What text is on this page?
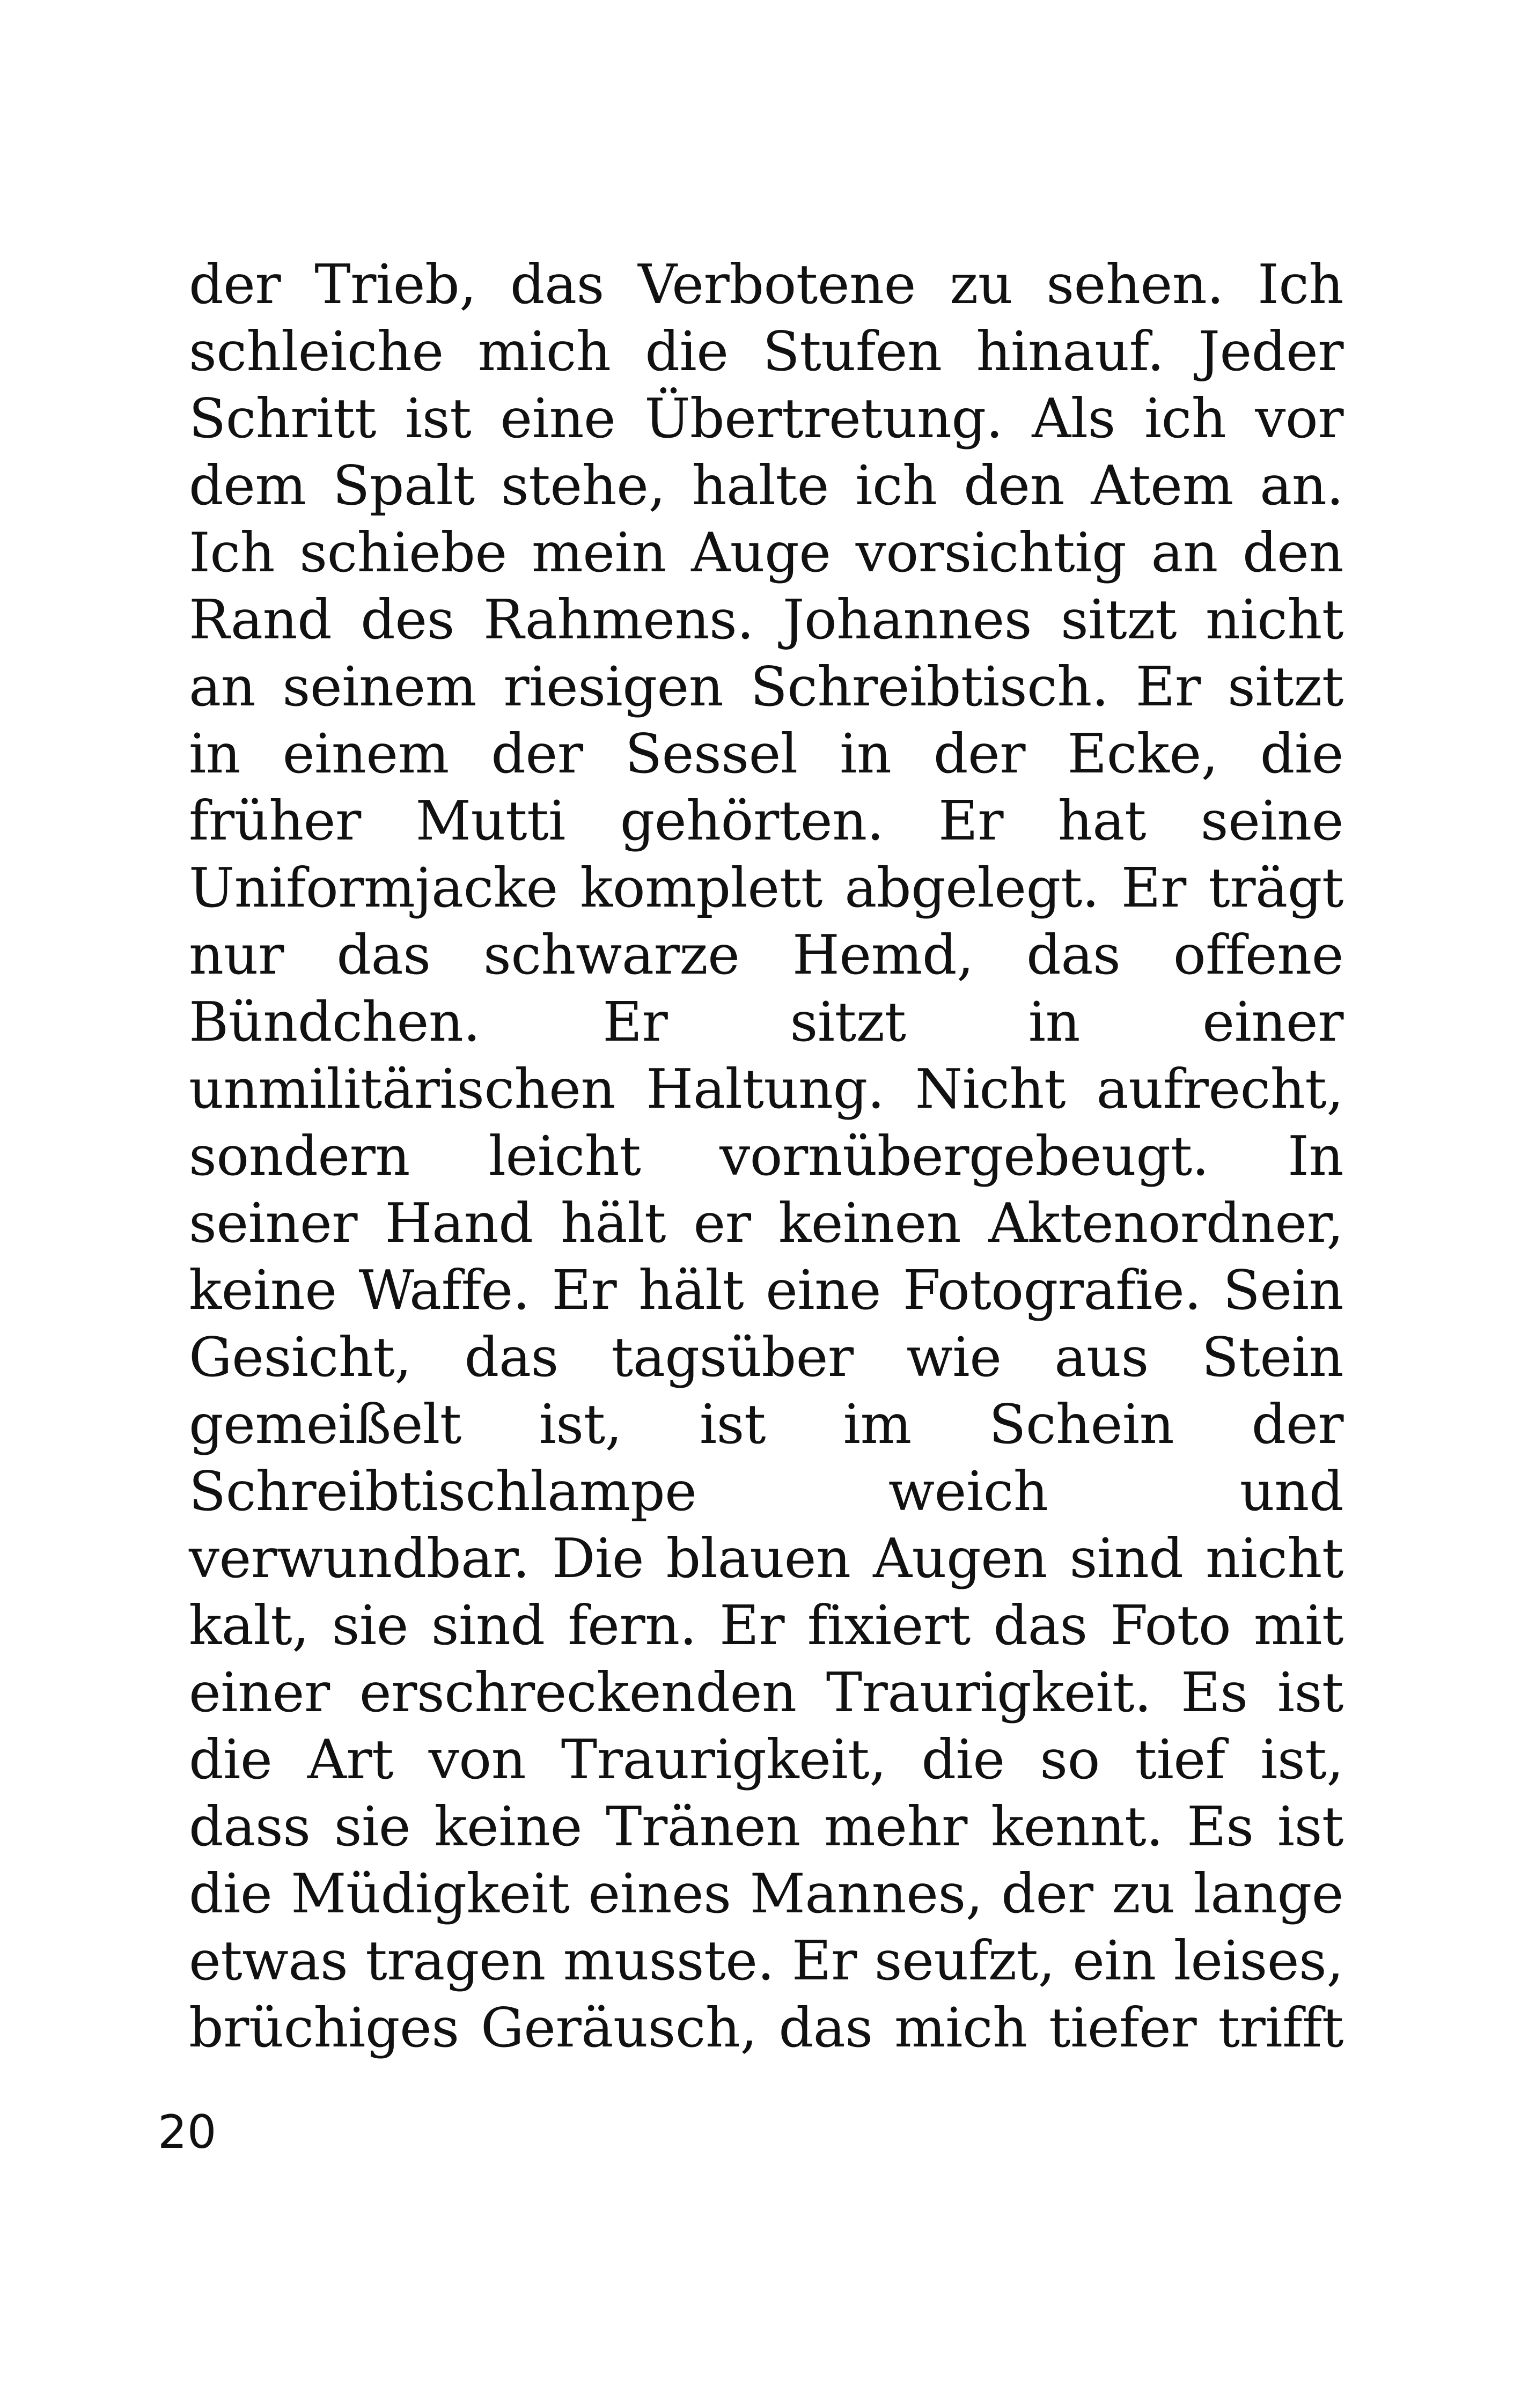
der Trieb, das Verbotene zu sehen. Ich
schleiche mich die Stufen hinauf. Jeder
Schritt ist eine Übertretung. Als ich vor
dem Spalt stehe, halte ich den Atem an.
Ich schiebe mein Auge vorsichtig an den
Rand des Rahmens. Johannes sitzt nicht
an seinem riesigen Schreibtisch. Er sitzt
in einem der Sessel in der Ecke, die
früher Mutti gehörten. Er hat seine
Uniformjacke komplett abgelegt. Er trägt
nur das schwarze Hemd, das offene
Bündchen. Er sitzt in einer
unmilitärischen Haltung. Nicht aufrecht,
sondern leicht vornübergebeugt. In
seiner Hand hält er keinen Aktenordner,
keine Waffe. Er hält eine Fotografie. Sein
Gesicht, das tagsüber wie aus Stein
gemeißelt ist, ist im Schein der
Schreibtischlampe weich und
verwundbar. Die blauen Augen sind nicht
kalt, sie sind fern. Er fixiert das Foto mit
einer erschreckenden Traurigkeit. Es ist
die Art von Traurigkeit, die so tief ist,
dass sie keine Tränen mehr kennt. Es ist
die Müdigkeit eines Mannes, der zu lange
etwas tragen musste. Er seufzt, ein leises,
brüchiges Geräusch, das mich tiefer trifft
20
